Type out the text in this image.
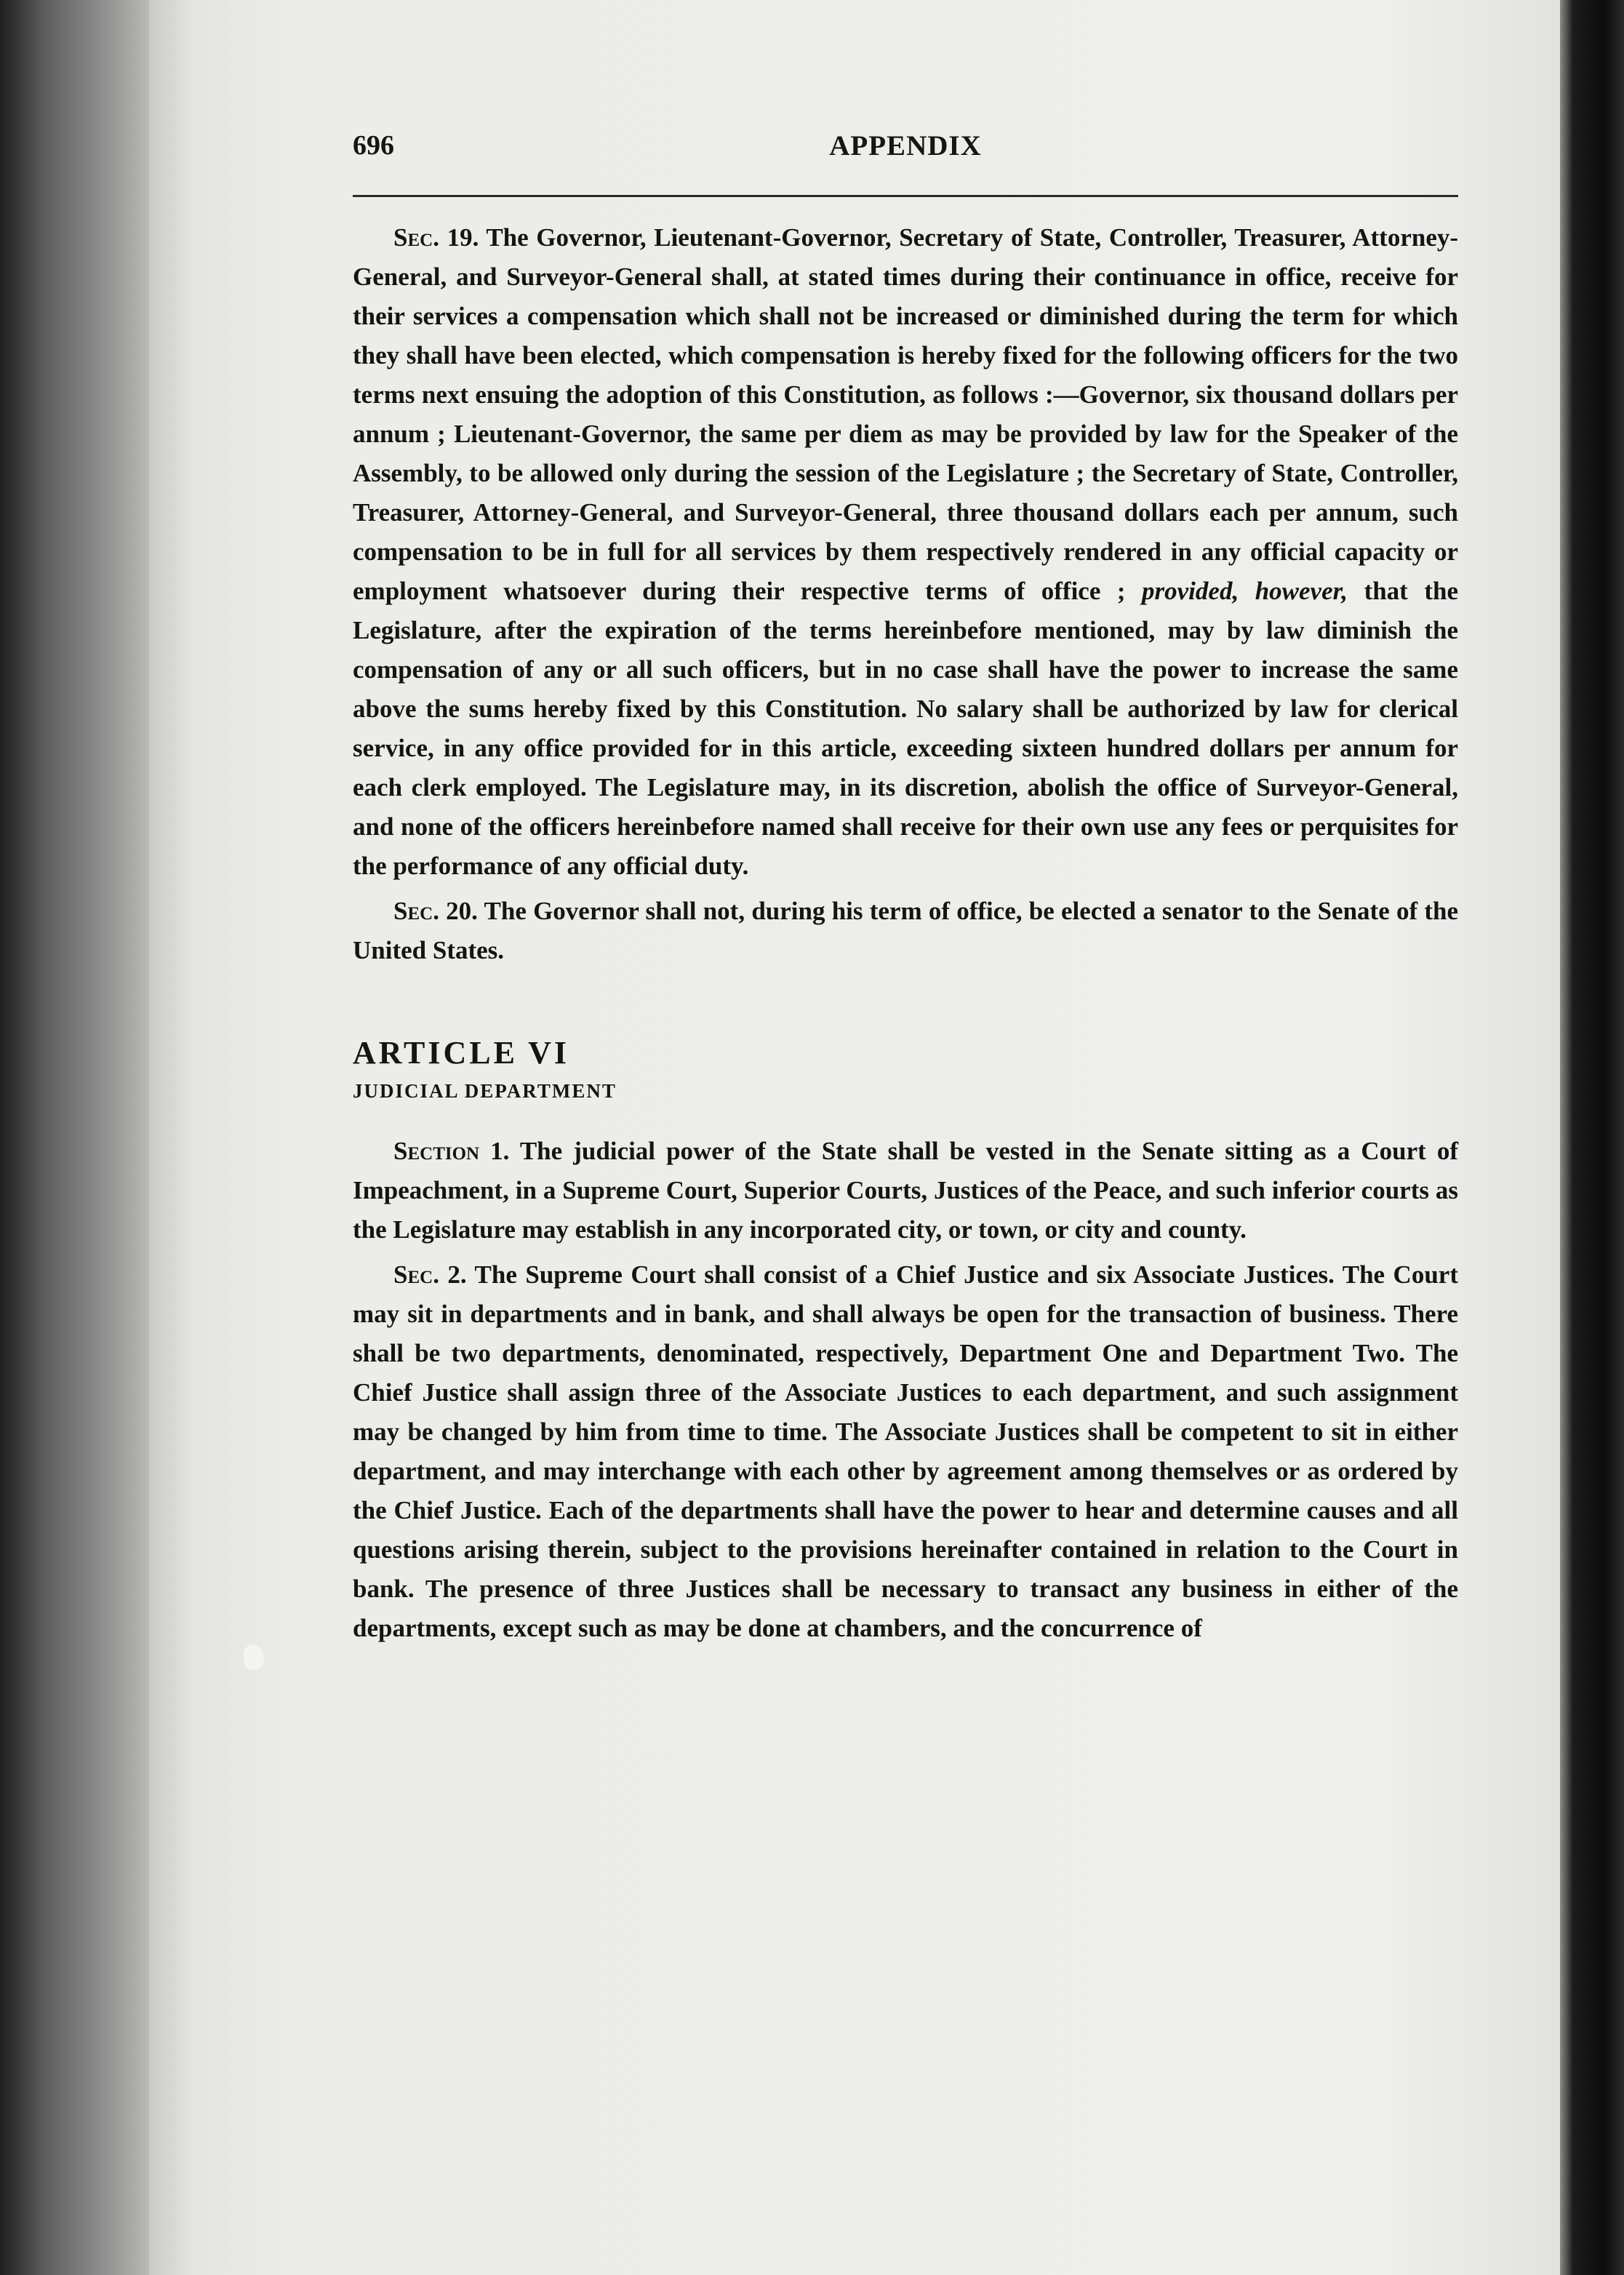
696	APPENDIX

Sec. 19. The Governor, Lieutenant-Governor, Secretary of State, Controller, Treasurer, Attorney-General, and Surveyor-General shall, at stated times during their continuance in office, receive for their services a compensation which shall not be increased or diminished during the term for which they shall have been elected, which compensation is hereby fixed for the following officers for the two terms next ensuing the adoption of this Constitution, as follows :—Governor, six thousand dollars per annum ; Lieutenant-Governor, the same per diem as may be provided by law for the Speaker of the Assembly, to be allowed only during the session of the Legislature ; the Secretary of State, Controller, Treasurer, Attorney-General, and Surveyor-General, three thousand dollars each per annum, such compensation to be in full for all services by them respectively rendered in any official capacity or employment whatsoever during their respective terms of office ; provided, however, that the Legislature, after the expiration of the terms hereinbefore mentioned, may by law diminish the compensation of any or all such officers, but in no case shall have the power to increase the same above the sums hereby fixed by this Constitution. No salary shall be authorized by law for clerical service, in any office provided for in this article, exceeding sixteen hundred dollars per annum for each clerk employed. The Legislature may, in its discretion, abolish the office of Surveyor-General, and none of the officers hereinbefore named shall receive for their own use any fees or perquisites for the performance of any official duty.

Sec. 20. The Governor shall not, during his term of office, be elected a senator to the Senate of the United States.

ARTICLE VI

JUDICIAL DEPARTMENT

Section 1. The judicial power of the State shall be vested in the Senate sitting as a Court of Impeachment, in a Supreme Court, Superior Courts, Justices of the Peace, and such inferior courts as the Legislature may establish in any incorporated city, or town, or city and county.

Sec. 2. The Supreme Court shall consist of a Chief Justice and six Associate Justices. The Court may sit in departments and in bank, and shall always be open for the transaction of business. There shall be two departments, denominated, respectively, Department One and Department Two. The Chief Justice shall assign three of the Associate Justices to each department, and such assignment may be changed by him from time to time. The Associate Justices shall be competent to sit in either department, and may interchange with each other by agreement among themselves or as ordered by the Chief Justice. Each of the departments shall have the power to hear and determine causes and all questions arising therein, subject to the provisions hereinafter contained in relation to the Court in bank. The presence of three Justices shall be necessary to transact any business in either of the departments, except such as may be done at chambers, and the concurrence of
